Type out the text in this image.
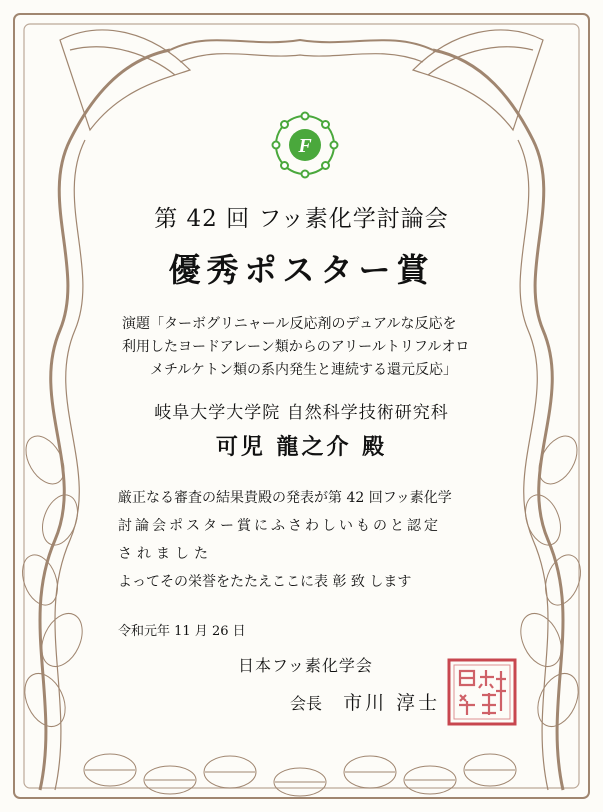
F
第 42 回 フッ素化学討論会
優秀ポスター賞
演題「ターボグリニャール反応剤のデュアルな反応を
利用したヨードアレーン類からのアリールトリフルオロ
メチルケトン類の系内発生と連続する還元反応」
岐阜大学大学院 自然科学技術研究科
可児 龍之介 殿
厳正なる審査の結果貴殿の発表が第 42 回フッ素化学
討論会ポスター賞にふさわしいものと認定
されました
よってその栄誉をたたえここに表 彰 致 します
令和元年 11 月 26 日
日本フッ素化学会
会長 市川 淳士
